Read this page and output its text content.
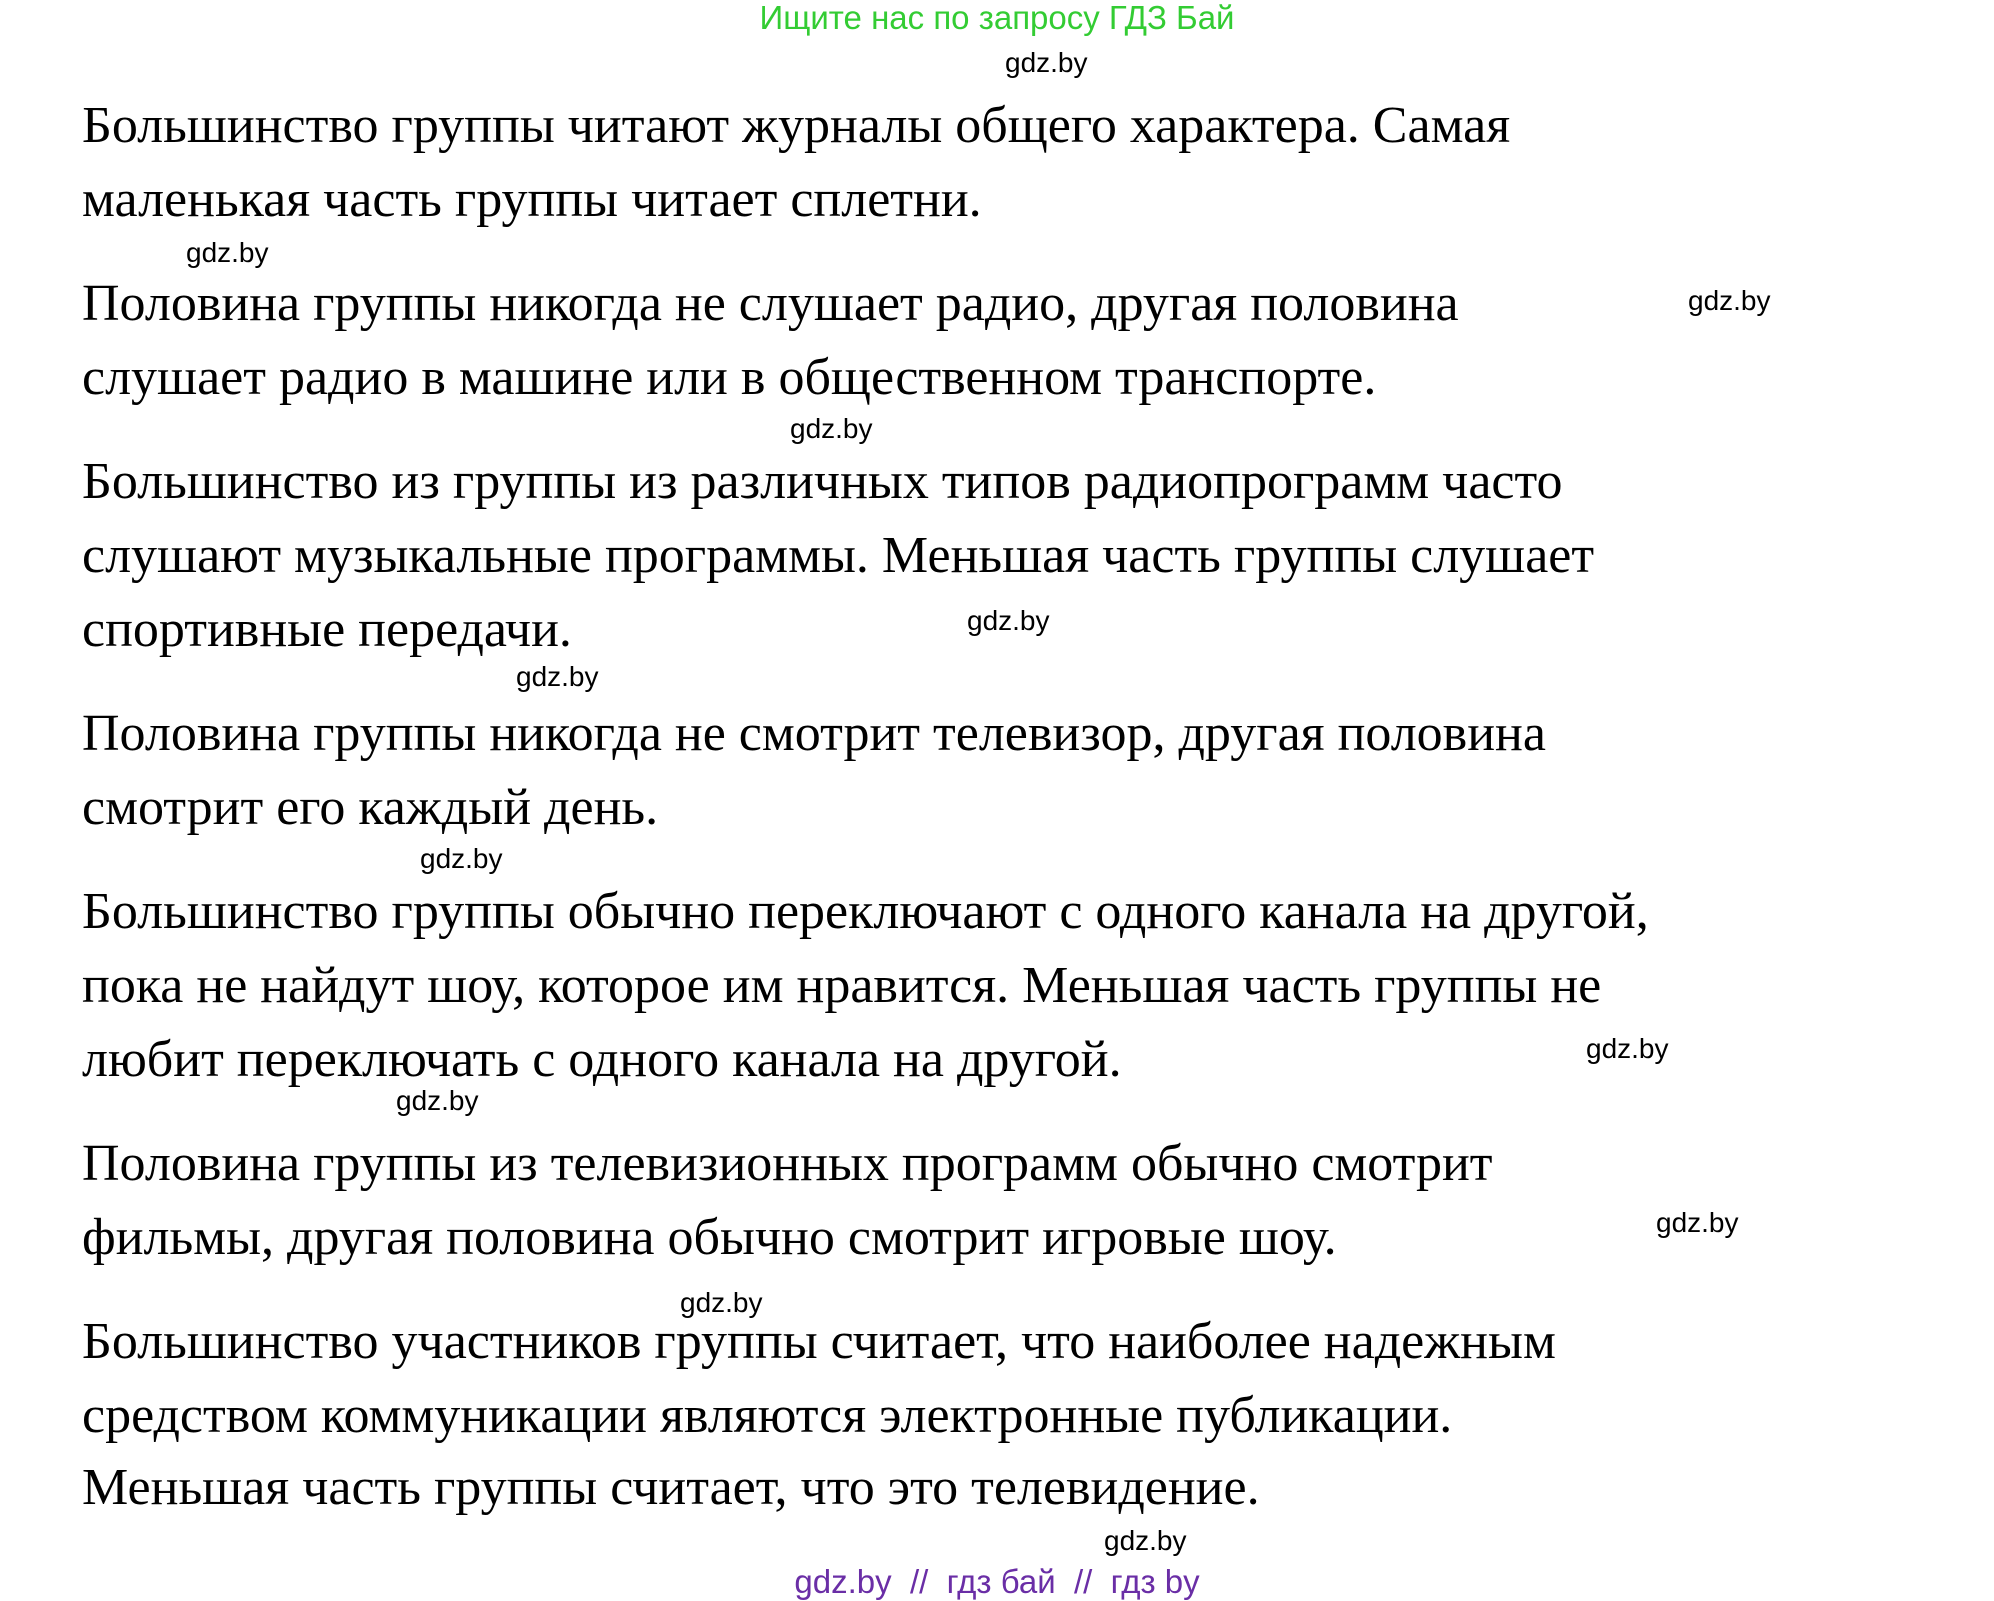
Ищите нас по запросу ГДЗ Бай
gdz.by
Большинство группы читают журналы общего характера. Самая
маленькая часть группы читает сплетни.
gdz.by
Половина группы никогда не слушает радио, другая половина	gdz.by
слушает радио в машине или в общественном транспорте.
gdz.by
Большинство из группы из различных типов радиопрограмм часто
слушают музыкальные программы. Меньшая часть группы слушает
спортивные передачи.	gdz.by
gdz.by
Половина группы никогда не смотрит телевизор, другая половина
смотрит его каждый день.
gdz.by
Большинство группы обычно переключают с одного канала на другой,
пока не найдут шоу, которое им нравится. Меньшая часть группы не
gdz.by
любит переключать с одного канала на другой.
gdz.by
Половина группы из телевизионных программ обычно смотрит
фильмы, другая половина обычно смотрит игровые шоу.	gdz.by
gdz.by
Большинство участников группы считает, что наиболее надежным
средством коммуникации являются электронные публикации.
Меньшая часть группы считает, что это телевидение.
gdz.by
gdz.by  //  гдз бай  //  гдз by
